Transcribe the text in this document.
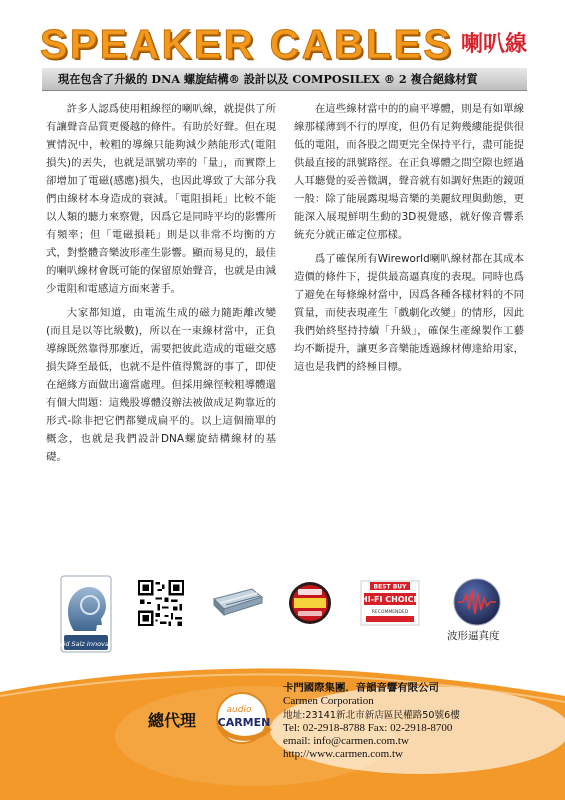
SPEAKER CABLES 喇叭線
現在包含了升級的 DNA 螺旋結構® 設計以及 COMPOSILEX ® 2 複合絕緣材質

許多人認爲使用粗線徑的喇叭線，就提供了所有讓聲音品質更優越的條件。有助於好聲。但在現實情況中，較粗的導線只能夠減少熱能形式(電阻損失)的丟失，也就是訊號功率的「量」，而實際上卻增加了電磁(感應)損失，也因此導致了大部分我們由線材本身造成的衰減。「電阻損耗」比較不能以人類的聽力來察覺，因爲它是同時平均的影響所有頻率；但「電磁損耗」則是以非常不均衡的方式，對整體音樂波形產生影響。顯而易見的，最佳的喇叭線材會既可能的保留原始聲音，也就是由減少電阻和電感這方面來著手。

大家都知道，由電流生成的磁力隨距離改變(而且是以等比級數)，所以在一束線材當中，正負導線既然靠得那麼近，需要把彼此造成的電磁交感損失降至最低，也就不是件值得驚訝的事了，即使在絕緣方面做出適當處理。但採用線徑較粗導體還有個大問題：這幾股導體沒辦法被做成足夠靠近的形式-除非把它們都變成扁平的。以上這個簡單的概念，也就是我們設計DNA螺旋結構線材的基礎。

在這些線材當中的的扁平導體，則是有如單線線那樣薄到不行的厚度，但仍有足夠幾縷能提供很低的電阻，而各股之間更完全保持平行，盡可能提供最直接的訊號路徑。在正負導體之間空隙也經過人耳聽覺的妥善微調，聲音就有如調好焦距的鏡頭一般：除了能展露現場音樂的美麗紋理與動態，更能深入展現鮮明生動的3D視覺感，就好像音響系統充分就正確定位那樣。

爲了確保所有Wireworld喇叭線材都在其成本造價的條件下，提供最高逼真度的表現。同時也爲了避免在每條線材當中，因爲各種各樣材料的不同質量，而使表現產生「戲劇化改變」的情形，因此我們始終堅持持續「升級」，確保生產線製作工藝均不斷提升，讓更多音樂能透過線材傳達給用家，這也是我們的終極目標。

David Salz Innovation
BEST BUY
HI-FI CHOICE
RECOMMENDED
波形逼真度
總代理
audio
CARMEN
卡門國際集團．音韻音響有限公司
Carmen Corporation
地址:23141新北市新店區民權路50號6樓
Tel: 02-2918-8788 Fax: 02-2918-8700
email: info@carmen.com.tw
http://www.carmen.com.tw
